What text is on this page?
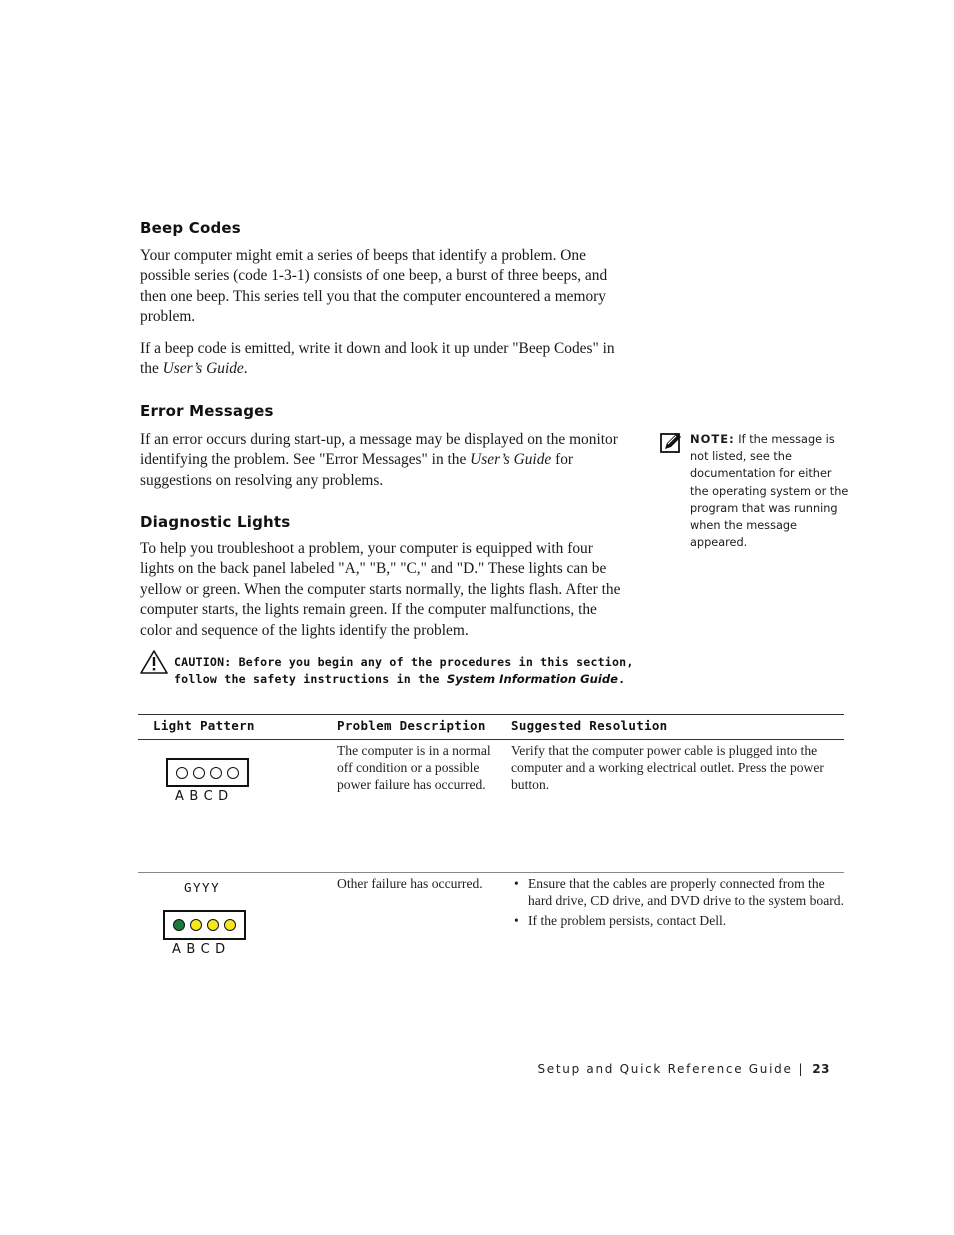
Beep Codes

Your computer might emit a series of beeps that identify a problem. One possible series (code 1-3-1) consists of one beep, a burst of three beeps, and then one beep. This series tell you that the computer encountered a memory problem.

If a beep code is emitted, write it down and look it up under "Beep Codes" in the User’s Guide.

Error Messages

If an error occurs during start-up, a message may be displayed on the monitor identifying the problem. See "Error Messages" in the User’s Guide for suggestions on resolving any problems.

NOTE: If the message is not listed, see the documentation for either the operating system or the program that was running when the message appeared.
Diagnostic Lights

To help you troubleshoot a problem, your computer is equipped with four lights on the back panel labeled "A," "B," "C," and "D." These lights can be yellow or green. When the computer starts normally, the lights flash. After the computer starts, the lights remain green. If the computer malfunctions, the color and sequence of the lights identify the problem.

CAUTION: Before you begin any of the procedures in this section, follow the safety instructions in the System Information Guide.
Light Pattern	Problem Description Suggested Resolution
ABCD
The computer is in a normal off condition or a possible power failure has occurred.
Verify that the computer power cable is plugged into the computer and a working electrical outlet. Press the power button.
GYYY
ABCD
Other failure has occurred.
•	Ensure that the cables are properly connected from the hard drive, CD drive, and DVD drive to the system board.
• If the problem persists, contact Dell.
Setup and Quick Reference Guide | 23
